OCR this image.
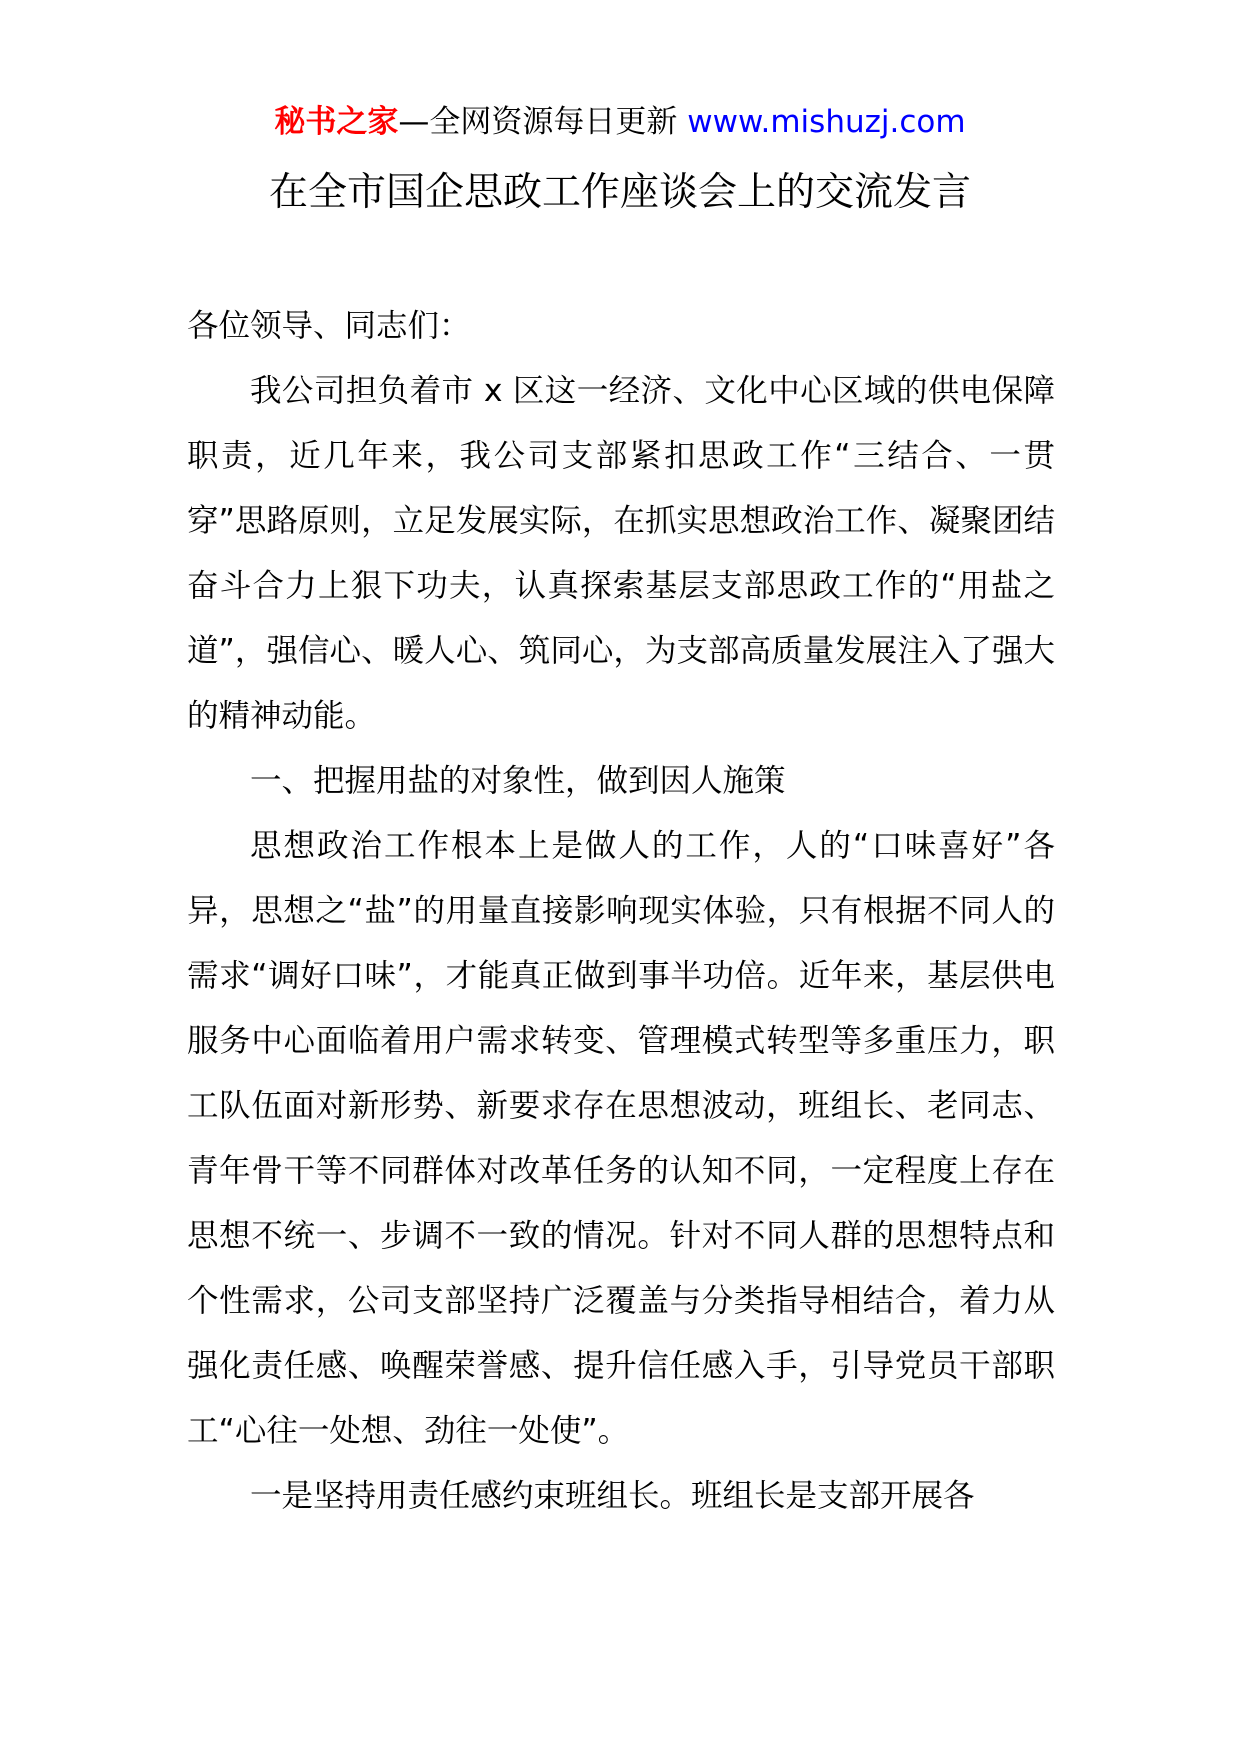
秘书之家—全网资源每日更新 www.mishuzj.com
在全市国企思政工作座谈会上的交流发言

各位领导、同志们：

我公司担负着市 x 区这一经济、文化中心区域的供电保障职责，近几年来，我公司支部紧扣思政工作“三结合、一贯穿”思路原则，立足发展实际，在抓实思想政治工作、凝聚团结奋斗合力上狠下功夫，认真探索基层支部思政工作的“用盐之道”，强信心、暖人心、筑同心，为支部高质量发展注入了强大的精神动能。

一、把握用盐的对象性，做到因人施策

思想政治工作根本上是做人的工作，人的“口味喜好”各异，思想之“盐”的用量直接影响现实体验，只有根据不同人的需求“调好口味”，才能真正做到事半功倍。近年来，基层供电服务中心面临着用户需求转变、管理模式转型等多重压力，职工队伍面对新形势、新要求存在思想波动，班组长、老同志、青年骨干等不同群体对改革任务的认知不同，一定程度上存在思想不统一、步调不一致的情况。针对不同人群的思想特点和个性需求，公司支部坚持广泛覆盖与分类指导相结合，着力从强化责任感、唤醒荣誉感、提升信任感入手，引导党员干部职工“心往一处想、劲往一处使”。

一是坚持用责任感约束班组长。班组长是支部开展各
